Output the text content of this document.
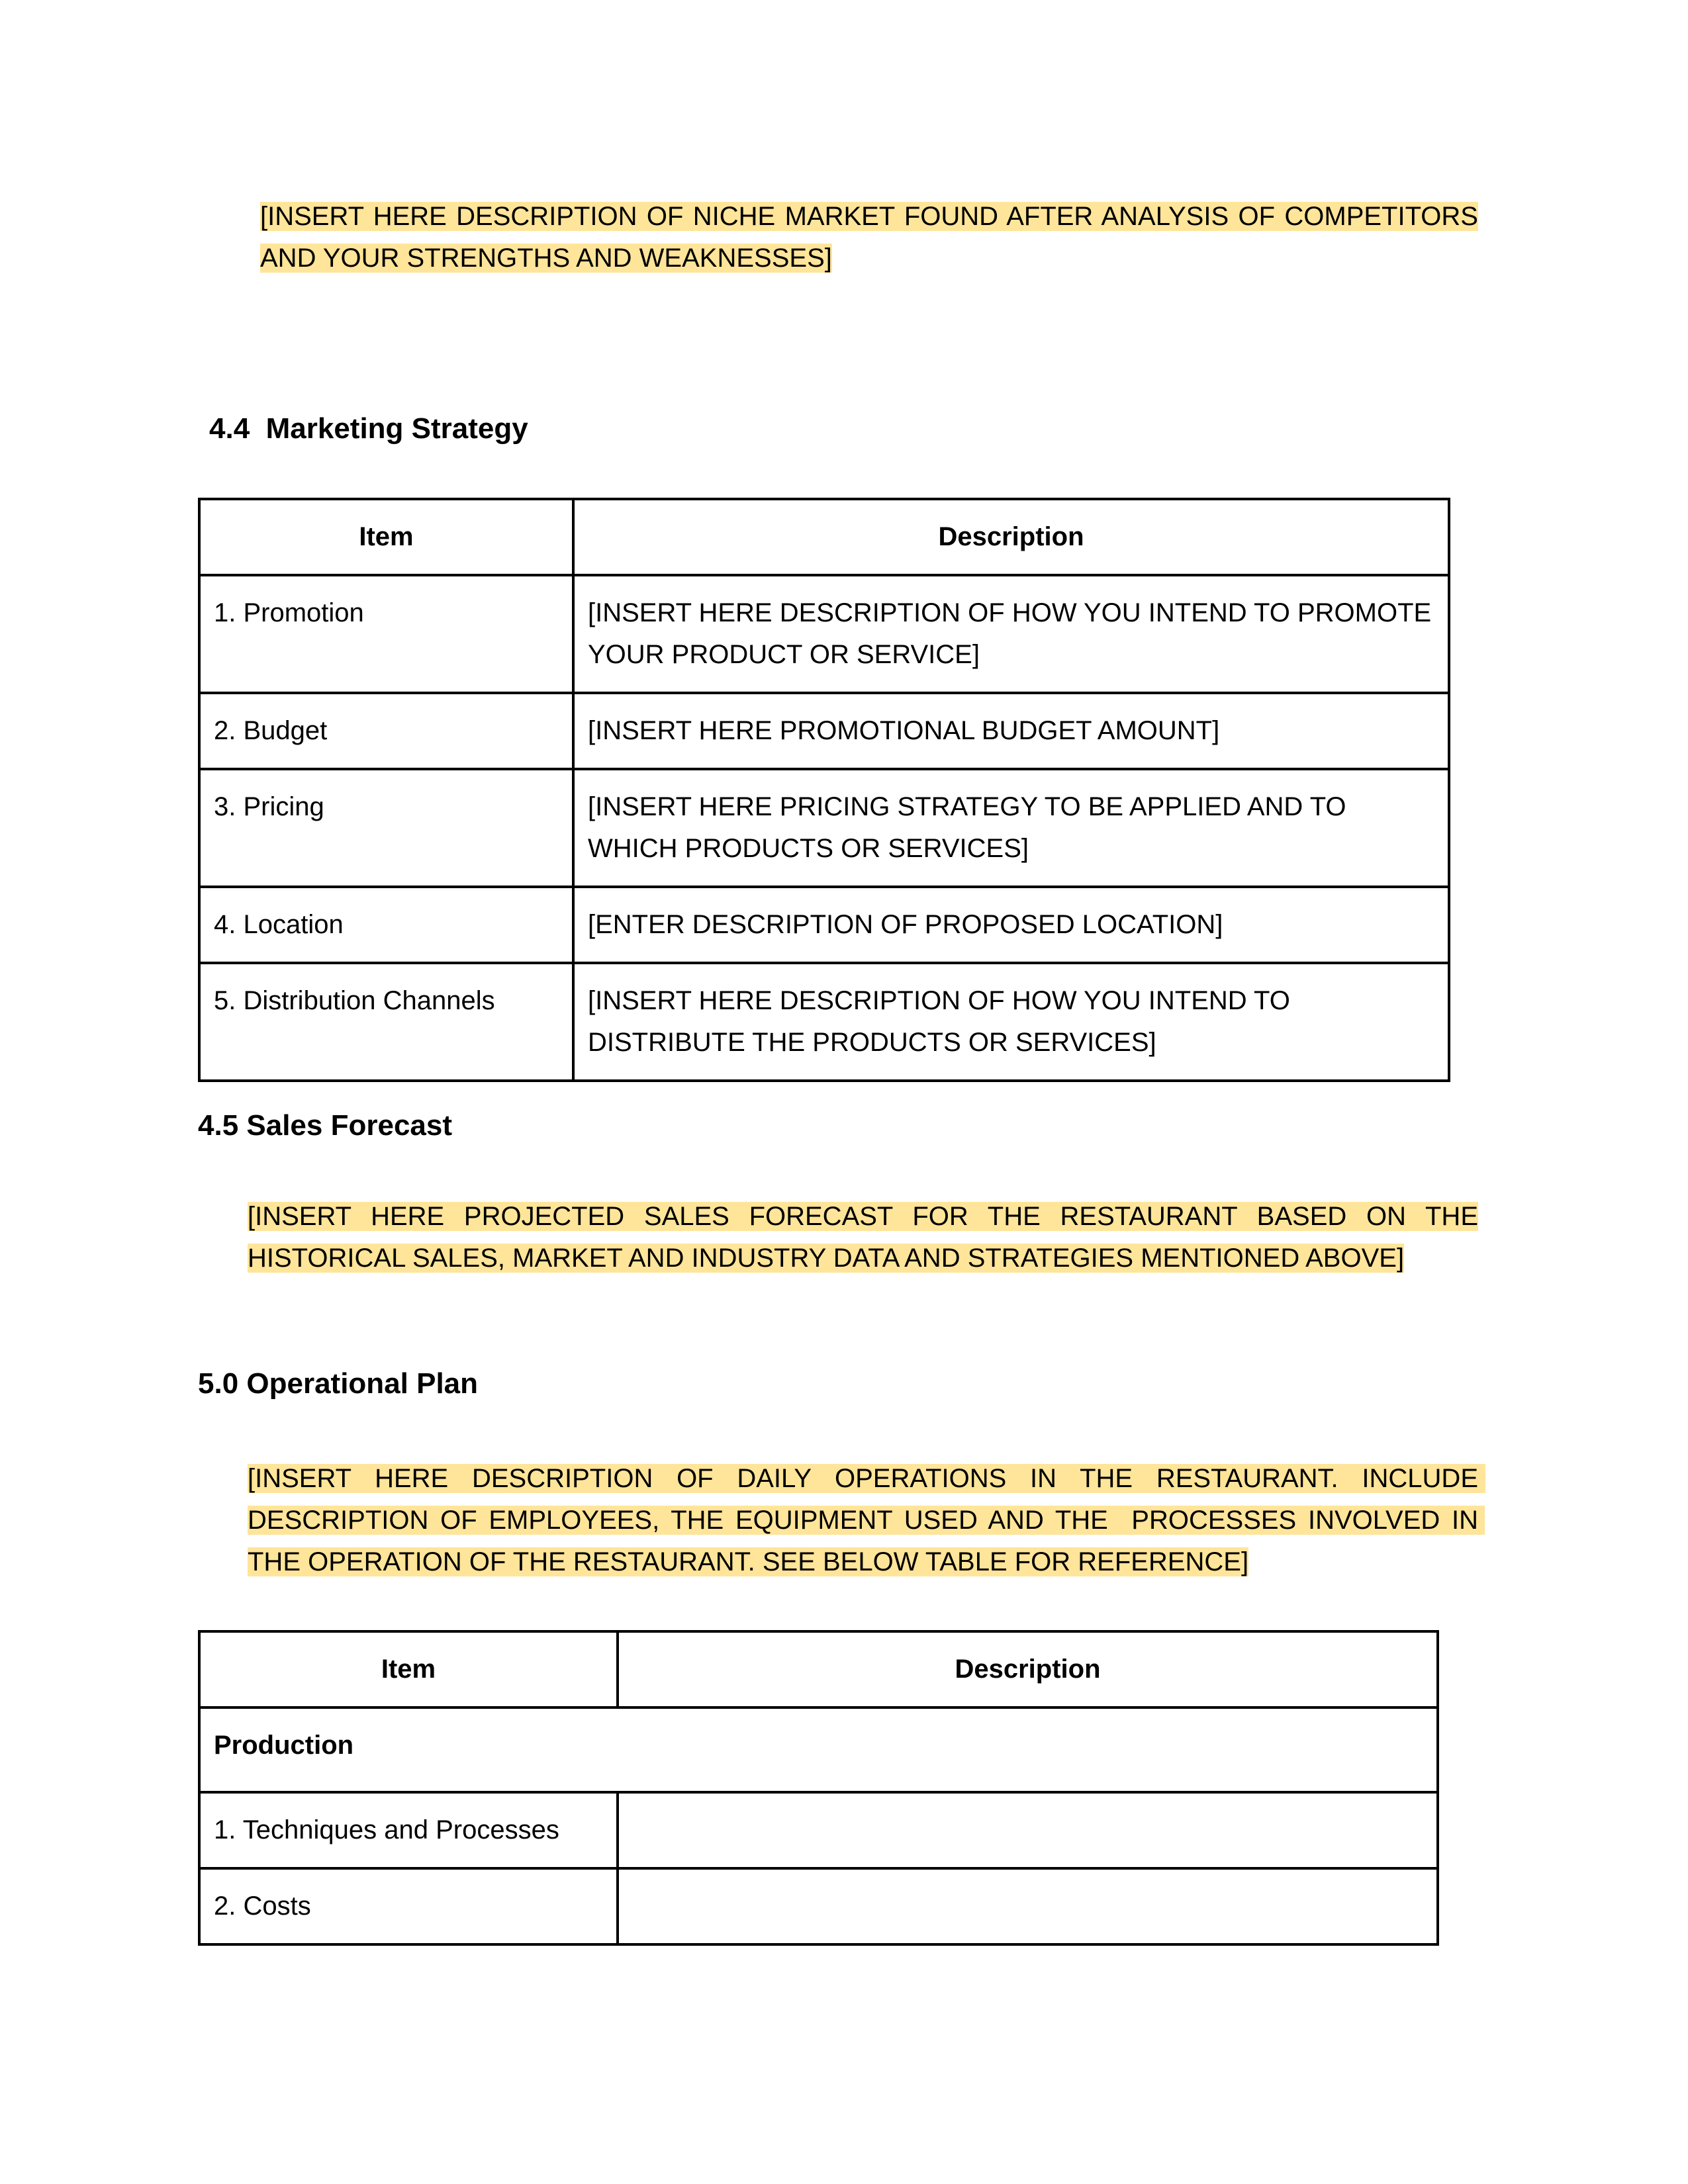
[INSERT HERE DESCRIPTION OF NICHE MARKET FOUND AFTER ANALYSIS OF COMPETITORS AND YOUR STRENGTHS AND WEAKNESSES]
4.4  Marketing Strategy
Item	Description
1. Promotion	[INSERT HERE DESCRIPTION OF HOW YOU INTEND TO PROMOTE YOUR PRODUCT OR SERVICE]
2. Budget	[INSERT HERE PROMOTIONAL BUDGET AMOUNT]
3. Pricing	[INSERT HERE PRICING STRATEGY TO BE APPLIED AND TO WHICH PRODUCTS OR SERVICES]
4. Location	[ENTER DESCRIPTION OF PROPOSED LOCATION]
5. Distribution Channels	[INSERT HERE DESCRIPTION OF HOW YOU INTEND TO DISTRIBUTE THE PRODUCTS OR SERVICES]
4.5 Sales Forecast
[INSERT HERE PROJECTED SALES FORECAST FOR THE RESTAURANT BASED ON THE HISTORICAL SALES, MARKET AND INDUSTRY DATA AND STRATEGIES MENTIONED ABOVE]
5.0 Operational Plan
[INSERT HERE DESCRIPTION OF DAILY OPERATIONS IN THE RESTAURANT. INCLUDE DESCRIPTION OF EMPLOYEES, THE EQUIPMENT USED AND THE  PROCESSES INVOLVED IN THE OPERATION OF THE RESTAURANT. SEE BELOW TABLE FOR REFERENCE]
Item	Description
Production	
1. Techniques and Processes	
2. Costs	
